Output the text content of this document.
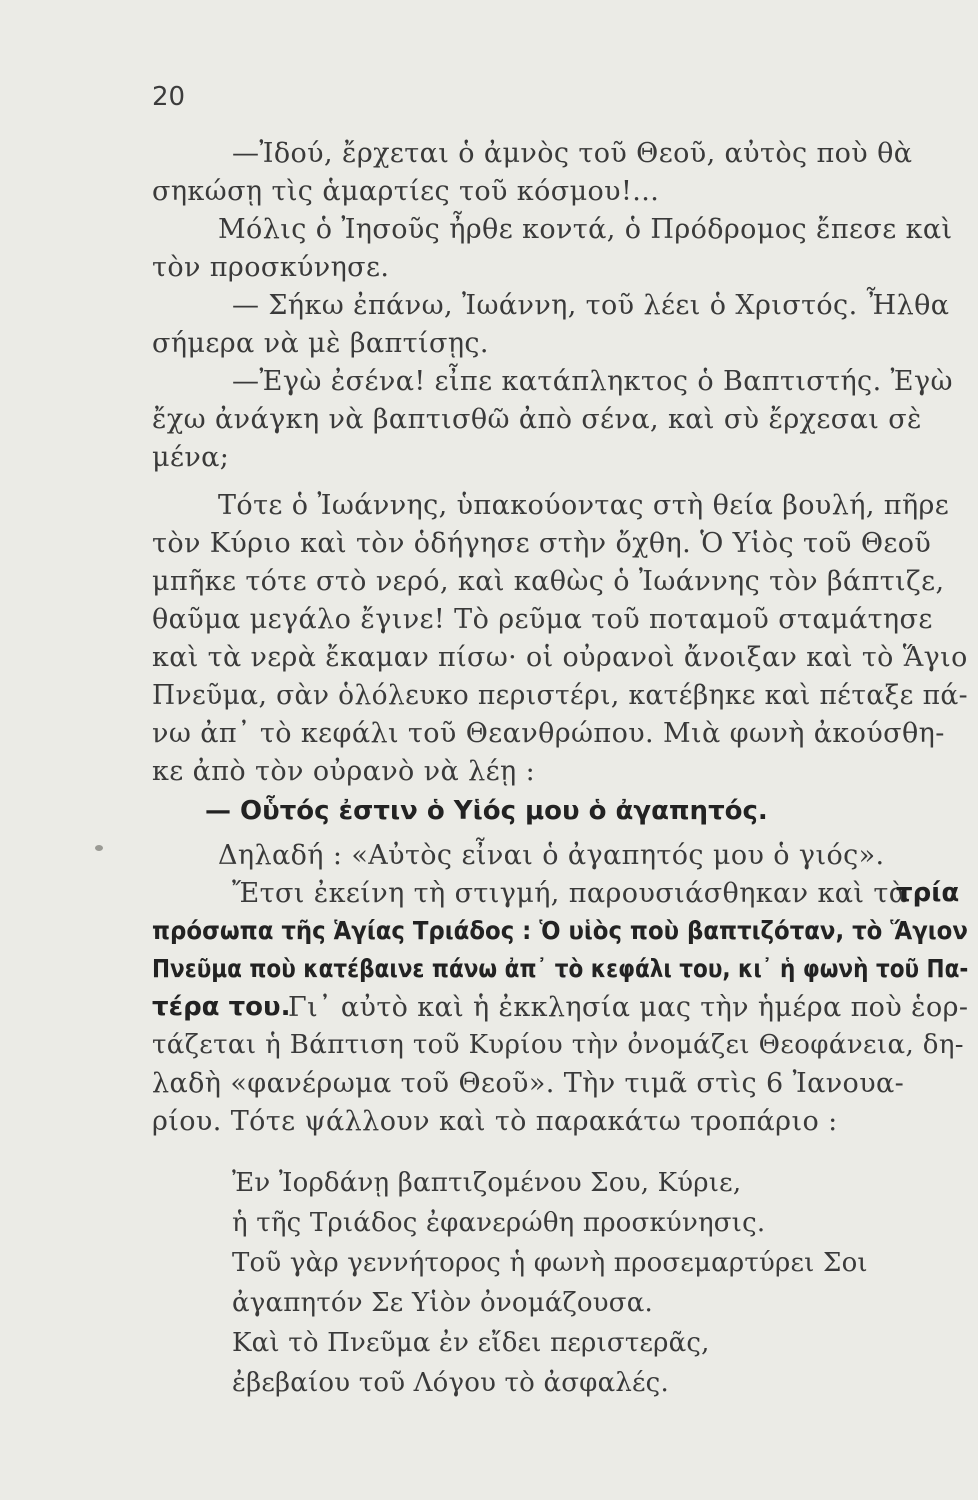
20
—Ἰδού, ἔρχεται ὁ ἀμνὸς τοῦ Θεοῦ, αὐτὸς ποὺ θὰ
σηκώσῃ τὶς ἁμαρτίες τοῦ κόσμου!...
Μόλις ὁ Ἰησοῦς ἦρθε κοντά, ὁ Πρόδρομος ἔπεσε καὶ
τὸν προσκύνησε.
— Σήκω ἐπάνω, Ἰωάννη, τοῦ λέει ὁ Χριστός. Ἦλθα
σήμερα νὰ μὲ βαπτίσῃς.
—Ἐγὼ ἐσένα! εἶπε κατάπληκτος ὁ Βαπτιστής. Ἐγὼ
ἔχω ἀνάγκη νὰ βαπτισθῶ ἀπὸ σένα, καὶ σὺ ἔρχεσαι σὲ
μένα;
Τότε ὁ Ἰωάννης, ὑπακούοντας στὴ θεία βουλή, πῆρε
τὸν Κύριο καὶ τὸν ὁδήγησε στὴν ὄχθη. Ὁ Υἱὸς τοῦ Θεοῦ
μπῆκε τότε στὸ νερό, καὶ καθὼς ὁ Ἰωάννης τὸν βάπτιζε,
θαῦμα μεγάλο ἔγινε! Τὸ ρεῦμα τοῦ ποταμοῦ σταμάτησε
καὶ τὰ νερὰ ἔκαμαν πίσω· οἱ οὐρανοὶ ἄνοιξαν καὶ τὸ Ἅγιο
Πνεῦμα, σὰν ὁλόλευκο περιστέρι, κατέβηκε καὶ πέταξε πά-
νω ἀπ᾿ τὸ κεφάλι τοῦ Θεανθρώπου. Μιὰ φωνὴ ἀκούσθη-
κε ἀπὸ τὸν οὐρανὸ νὰ λέῃ :
— Οὗτός ἐστιν ὁ Υἱός μου ὁ ἀγαπητός.
Δηλαδή : «Αὐτὸς εἶναι ὁ ἀγαπητός μου ὁ γιός».
Ἔτσι ἐκείνη τὴ στιγμή, παρουσιάσθηκαν καὶ τὰ
τρία
πρόσωπα τῆς Ἁγίας Τριάδος : Ὁ υἱὸς ποὺ βαπτιζόταν, τὸ Ἅγιον
Πνεῦμα ποὺ κατέβαινε πάνω ἀπ᾿ τὸ κεφάλι του, κι᾿ ἡ φωνὴ τοῦ Πα-
τέρα του.
Γι᾿ αὐτὸ καὶ ἡ ἐκκλησία μας τὴν ἡμέρα ποὺ ἑορ-
τάζεται ἡ Βάπτιση τοῦ Κυρίου τὴν ὀνομάζει Θεοφάνεια, δη-
λαδὴ «φανέρωμα τοῦ Θεοῦ». Τὴν τιμᾶ στὶς 6 Ἰανουα-
ρίου. Τότε ψάλλουν καὶ τὸ παρακάτω τροπάριο :
Ἐν Ἰορδάνῃ βαπτιζομένου Σου, Κύριε,
ἡ τῆς Τριάδος ἐφανερώθη προσκύνησις.
Τοῦ γὰρ γεννήτορος ἡ φωνὴ προσεμαρτύρει Σοι
ἀγαπητόν Σε Υἱὸν ὀνομάζουσα.
Καὶ τὸ Πνεῦμα ἐν εἴδει περιστερᾶς,
ἐβεβαίου τοῦ Λόγου τὸ ἀσφαλές.
